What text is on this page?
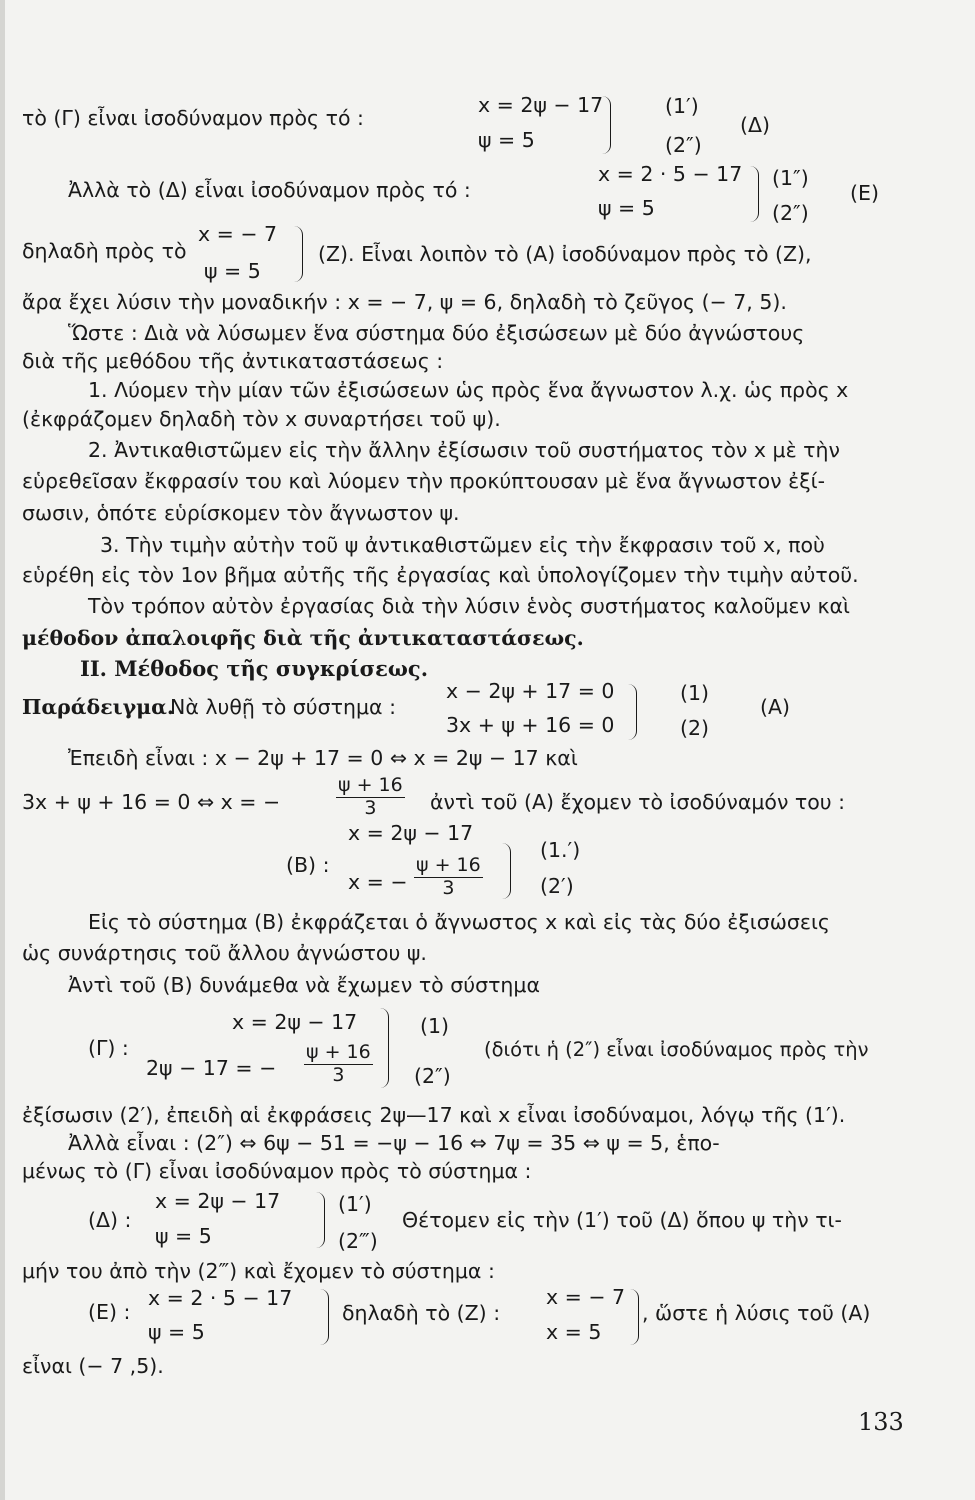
τὸ (Γ) εἶναι ἰσοδύναμον πρὸς τό :
x = 2ψ − 17
ψ = 5
(1′)
(2″)
(Δ)
Ἀλλὰ τὸ (Δ) εἶναι ἰσοδύναμον πρὸς τό :
x = 2 · 5 − 17
ψ = 5
(1″)
(2″)
(Ε)
δηλαδὴ πρὸς τὸ
x = − 7
ψ = 5
(Ζ). Εἶναι λοιπὸν τὸ (Α) ἰσοδύναμον πρὸς τὸ (Ζ),
ἄρα ἔχει λύσιν τὴν μοναδικήν : x = − 7, ψ = 6, δηλαδὴ τὸ ζεῦγος (− 7, 5).
Ὥστε : Διὰ νὰ λύσωμεν ἕνα σύστημα δύο ἐξισώσεων μὲ δύο ἀγνώστους
διὰ τῆς μεθόδου τῆς ἀντικαταστάσεως :
1. Λύομεν τὴν μίαν τῶν ἐξισώσεων ὡς πρὸς ἕνα ἄγνωστον λ.χ. ὡς πρὸς x
(ἐκφράζομεν δηλαδὴ τὸν x συναρτήσει τοῦ ψ).
2. Ἀντικαθιστῶμεν εἰς τὴν ἄλλην ἐξίσωσιν τοῦ συστήματος τὸν x μὲ τὴν
εὑρεθεῖσαν ἔκφρασίν του καὶ λύομεν τὴν προκύπτουσαν μὲ ἕνα ἄγνωστον ἐξί-
σωσιν, ὁπότε εὑρίσκομεν τὸν ἄγνωστον ψ.
3. Τὴν τιμὴν αὐτὴν τοῦ ψ ἀντικαθιστῶμεν εἰς τὴν ἔκφρασιν τοῦ x, ποὺ
εὑρέθη εἰς τὸν 1ον βῆμα αὐτῆς τῆς ἐργασίας καὶ ὑπολογίζομεν τὴν τιμὴν αὐτοῦ.
Τὸν τρόπον αὐτὸν ἐργασίας διὰ τὴν λύσιν ἑνὸς συστήματος καλοῦμεν καὶ
μέθοδον ἀπαλοιφῆς διὰ τῆς ἀντικαταστάσεως.
ΙΙ. Μέθοδος τῆς συγκρίσεως.
Παράδειγμα.
Νὰ λυθῇ τὸ σύστημα :
x − 2ψ + 17 = 0
3x + ψ + 16 = 0
(1)
(2)
(Α)
Ἐπειδὴ εἶναι : x − 2ψ + 17 = 0 ⇔ x = 2ψ − 17 καὶ
3x + ψ + 16 = 0 ⇔ x = −	$\frac{\psi + 16}{3}$ ἀντὶ τοῦ (Α) ἔχομεν τὸ ἰσοδύναμόν του :
x = 2ψ − 17
(Β) :
x = − $\frac{\psi + 16}{3}$
(1.′)
(2′)
Εἰς τὸ σύστημα (Β) ἐκφράζεται ὁ ἄγνωστος x καὶ εἰς τὰς δύο ἐξισώσεις
ὡς συνάρτησις τοῦ ἄλλου ἀγνώστου ψ.
Ἀντὶ τοῦ (Β) δυνάμεθα νὰ ἔχωμεν τὸ σύστημα
x = 2ψ − 17
(Γ) :
2ψ − 17 = − $\frac{\psi + 16}{3}$
(1)
(2″)
(διότι ἡ (2″) εἶναι ἰσοδύναμος πρὸς τὴν
ἐξίσωσιν (2′), ἐπειδὴ αἱ ἐκφράσεις 2ψ—17 καὶ x εἶναι ἰσοδύναμοι, λόγῳ τῆς (1′).
Ἀλλὰ εἶναι : (2″) ⇔ 6ψ − 51 = −ψ − 16 ⇔ 7ψ = 35 ⇔ ψ = 5, ἑπο-
μένως τὸ (Γ) εἶναι ἰσοδύναμον πρὸς τὸ σύστημα :
(Δ) :
x = 2ψ − 17
ψ = 5
(1′)
(2‴)
Θέτομεν εἰς τὴν (1′) τοῦ (Δ) ὅπου ψ τὴν τι-
μήν του ἀπὸ τὴν (2‴) καὶ ἔχομεν τὸ σύστημα :
(Ε) :
x = 2 · 5 − 17
ψ = 5
δηλαδὴ τὸ (Ζ) :
x = − 7
x = 5
, ὥστε ἡ λύσις τοῦ (Α)
εἶναι (− 7 ,5).
133
